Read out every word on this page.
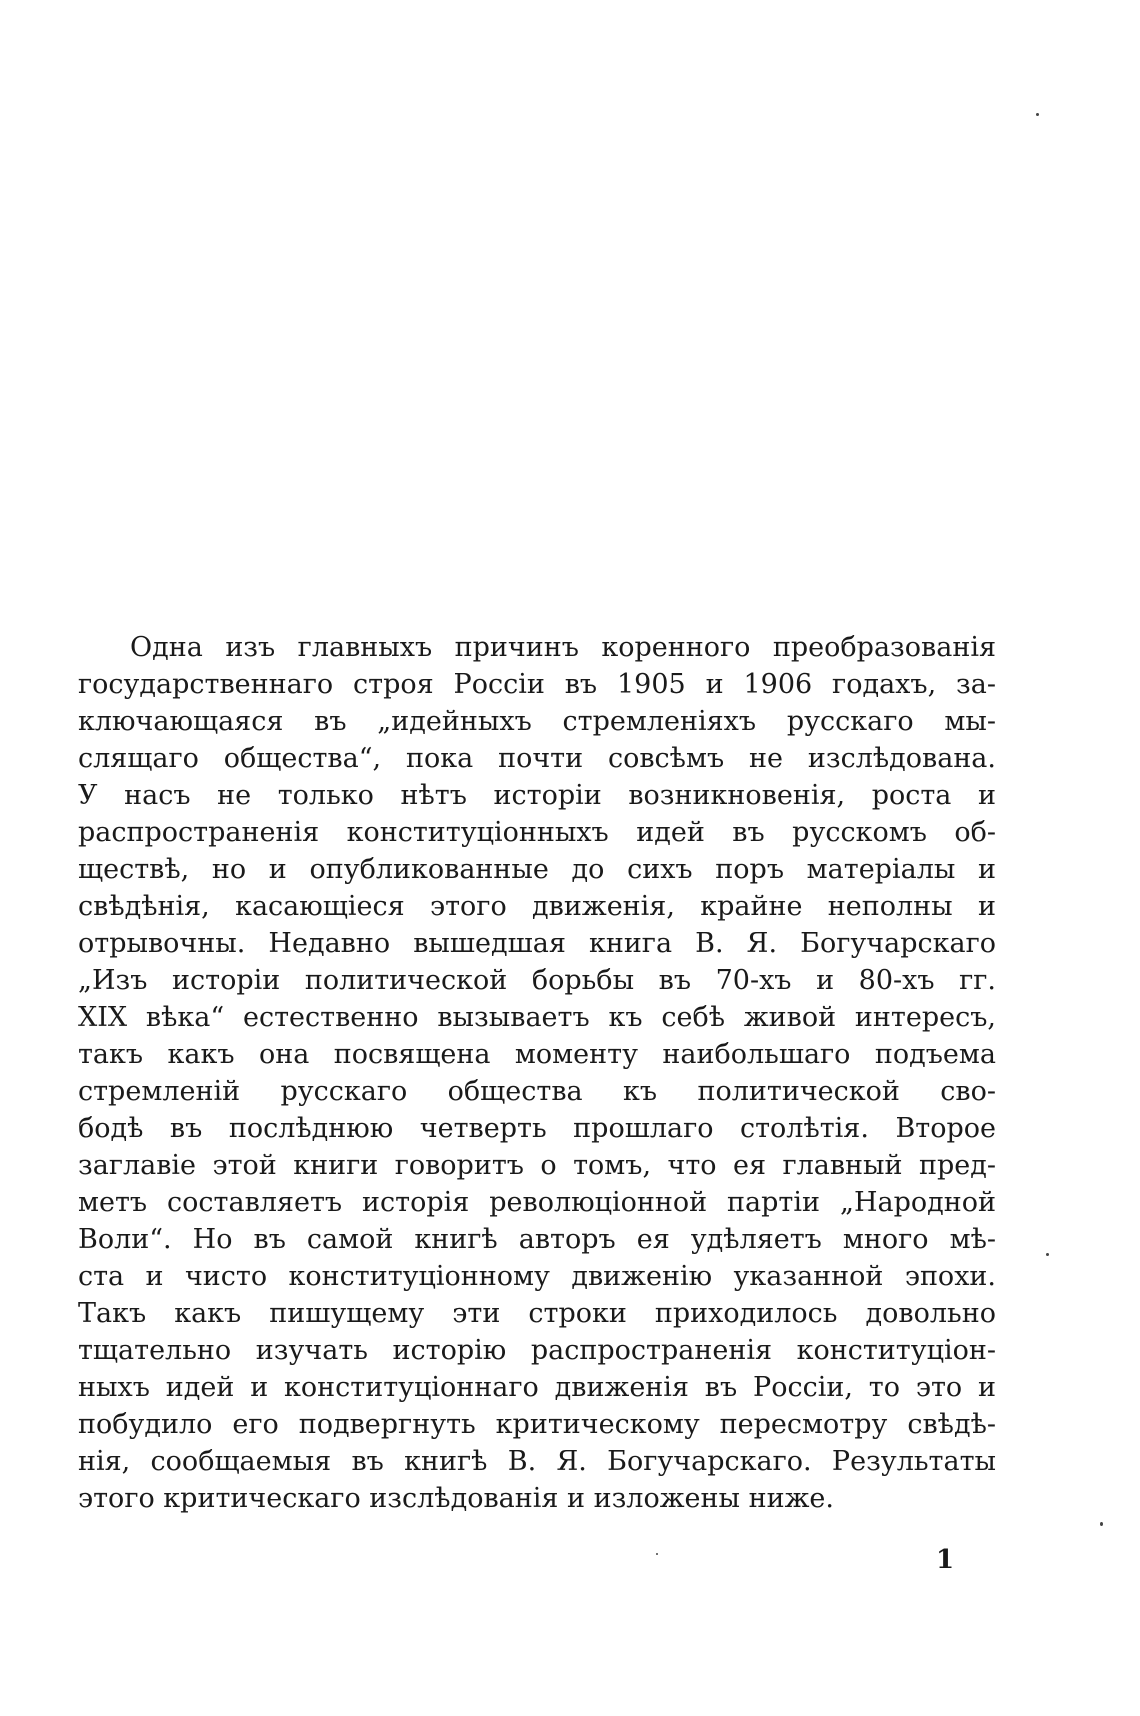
Одна изъ главныхъ причинъ коренного преобразованія
государственнаго строя Россіи въ 1905 и 1906 годахъ, за-
ключающаяся въ „идейныхъ стремленіяхъ русскаго мы-
слящаго общества“, пока почти совсѣмъ не изслѣдована.
У насъ не только нѣтъ исторіи возникновенія, роста и
распространенія конституціонныхъ идей въ русскомъ об-
ществѣ, но и опубликованные до сихъ поръ матеріалы и
свѣдѣнія, касающіеся этого движенія, крайне неполны и
отрывочны. Недавно вышедшая книга В. Я. Богучарскаго
„Изъ исторіи политической борьбы въ 70-хъ и 80-хъ гг.
XIX вѣка“ естественно вызываетъ къ себѣ живой интересъ,
такъ какъ она посвящена моменту наибольшаго подъема
стремленій русскаго общества къ политической сво-
бодѣ въ послѣднюю четверть прошлаго столѣтія. Второе
заглавіе этой книги говоритъ о томъ, что ея главный пред-
метъ составляетъ исторія революціонной партіи „Народной
Воли“. Но въ самой книгѣ авторъ ея удѣляетъ много мѣ-
ста и чисто конституціонному движенію указанной эпохи.
Такъ какъ пишущему эти строки приходилось довольно
тщательно изучать исторію распространенія конституціон-
ныхъ идей и конституціоннаго движенія въ Россіи, то это и
побудило его подвергнуть критическому пересмотру свѣдѣ-
нія, сообщаемыя въ книгѣ В. Я. Богучарскаго. Результаты
этого критическаго изслѣдованія и изложены ниже.
1
